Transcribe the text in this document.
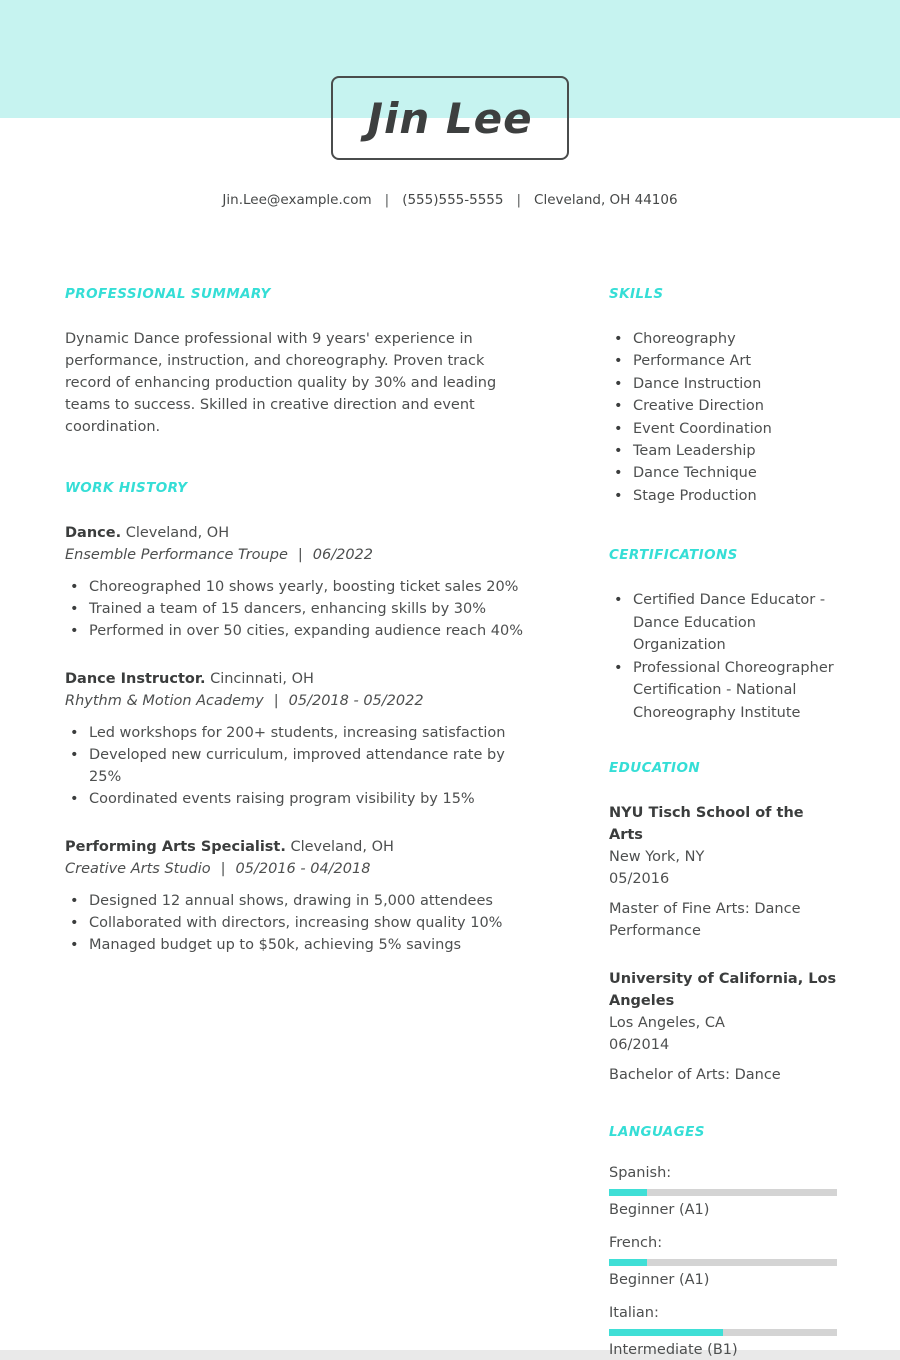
Jin Lee
Jin.Lee@example.com | (555)555-5555 | Cleveland, OH 44106
PROFESSIONAL SUMMARY

Dynamic Dance professional with 9 years' experience in performance, instruction, and choreography. Proven track record of enhancing production quality by 30% and leading teams to success. Skilled in creative direction and event coordination.

WORK HISTORY
Dance. Cleveland, OH
Ensemble Performance Troupe | 06/2022
• Choreographed 10 shows yearly, boosting ticket sales 20%
• Trained a team of 15 dancers, enhancing skills by 30%
• Performed in over 50 cities, expanding audience reach 40%
Dance Instructor. Cincinnati, OH
Rhythm & Motion Academy | 05/2018 - 05/2022
• Led workshops for 200+ students, increasing satisfaction
• Developed new curriculum, improved attendance rate by 25%
• Coordinated events raising program visibility by 15%
Performing Arts Specialist. Cleveland, OH
Creative Arts Studio | 05/2016 - 04/2018
• Designed 12 annual shows, drawing in 5,000 attendees
• Collaborated with directors, increasing show quality 10%
• Managed budget up to $50k, achieving 5% savings
SKILLS
• Choreography
• Performance Art
• Dance Instruction
• Creative Direction
• Event Coordination
• Team Leadership
• Dance Technique
• Stage Production
CERTIFICATIONS
• Certified Dance Educator - Dance Education Organization
• Professional Choreographer Certification - National Choreography Institute
EDUCATION
NYU Tisch School of the Arts
New York, NY
05/2016
Master of Fine Arts: Dance Performance
University of California, Los Angeles
Los Angeles, CA
06/2014
Bachelor of Arts: Dance
LANGUAGES
Spanish:
Beginner (A1)
French:
Beginner (A1)
Italian:
Intermediate (B1)
